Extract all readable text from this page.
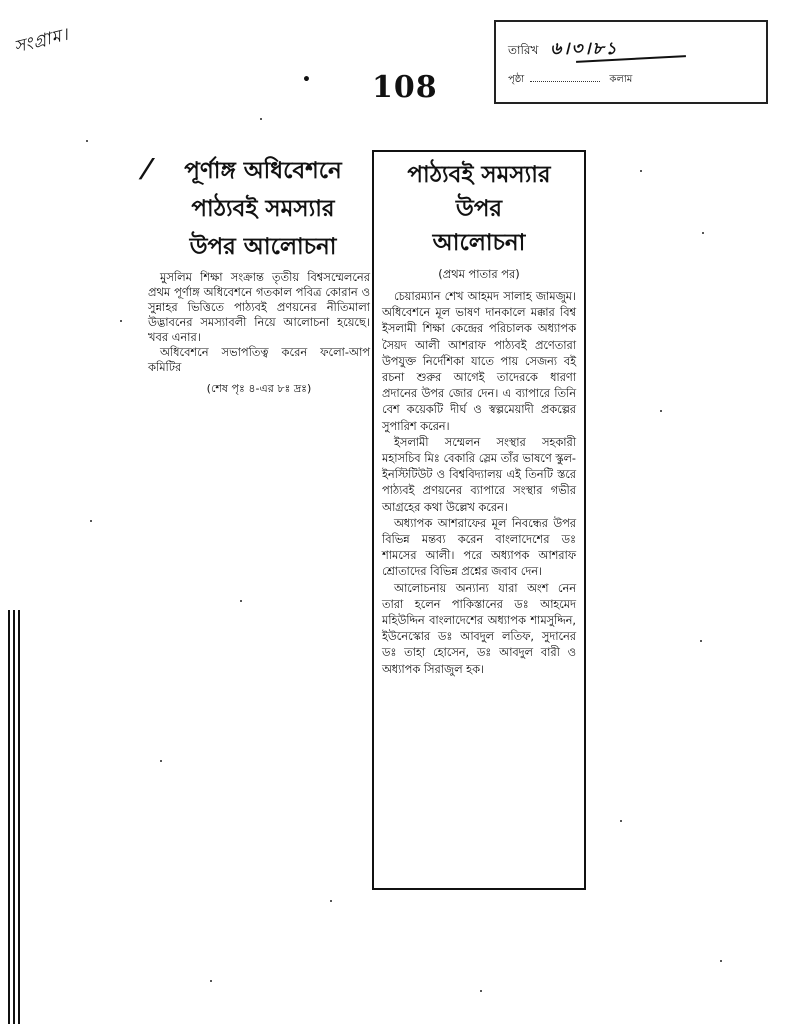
সংগ্রাম।
• 108
তারিখ ৬।৩।৮১
পৃষ্ঠা	কলাম
/	পূর্ণাঙ্গ অধিবেশনে
পাঠ্যবই সমস্যার
উপর আলোচনা

মুসলিম শিক্ষা সংক্রান্ত তৃতীয় বিশ্বসম্মেলনের প্রথম পূর্ণাঙ্গ অধিবেশনে গতকাল পবিত্র কোরান ও সুন্নাহর ভিত্তিতে পাঠ্যবই প্রণয়নের নীতিমালা উদ্ভাবনের সমস্যাবলী নিয়ে আলোচনা হয়েছে। খবর এনার।

অধিবেশনে সভাপতিত্ব করেন ফলো-আপ কমিটির

(শেষ পৃঃ ৪-এর ৮ঃ দ্রঃ)
পাঠ্যবই সমস্যার উপর
আলোচনা
(প্রথম পাতার পর)

চেয়ারম্যান শেখ আহমদ সালাহ জামজুম। অধিবেশনে মূল ভাষণ দানকালে মক্কার বিশ্ব ইসলামী শিক্ষা কেন্দ্রের পরিচালক অধ্যাপক সৈয়দ আলী আশরাফ পাঠ্যবই প্রণেতারা উপযুক্ত নির্দেশিকা যাতে পায় সেজন্য বই রচনা শুরুর আগেই তাদেরকে ধারণা প্রদানের উপর জোর দেন। এ ব্যাপারে তিনি বেশ কয়েকটি দীর্ঘ ও স্বল্পমেয়াদী প্রকল্পের সুপারিশ করেন।

ইসলামী সম্মেলন সংস্থার সহকারী মহাসচিব মিঃ বেকারি স্লেম তাঁর ভাষণে স্কুল-ইনস্টিটিউট ও বিশ্ববিদ্যালয় এই তিনটি স্তরে পাঠ্যবই প্রণয়নের ব্যাপারে সংস্থার গভীর আগ্রহের কথা উল্লেখ করেন।

অধ্যাপক আশরাফের মূল নিবন্ধের উপর বিভিন্ন মন্তব্য করেন বাংলাদেশের ডঃ শামসের আলী। পরে অধ্যাপক আশরাফ শ্রোতাদের বিভিন্ন প্রশ্নের জবাব দেন।

আলোচনায় অন্যান্য যারা অংশ নেন তারা হলেন পাকিস্তানের ডঃ আহমেদ মহিউদ্দিন বাংলাদেশের অধ্যাপক শামসুদ্দিন, ইউনেস্কোর ডঃ আবদুল লতিফ, সুদানের ডঃ তাহা হোসেন, ডঃ আবদুল বারী ও অধ্যাপক সিরাজুল হক।
